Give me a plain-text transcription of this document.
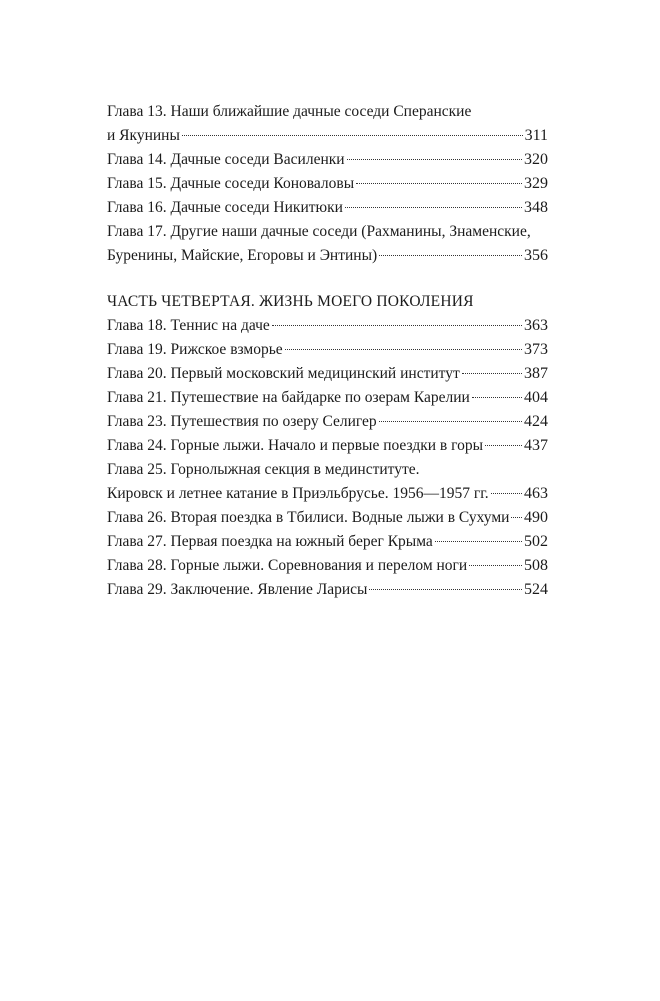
Глава 13. Наши ближайшие дачные соседи Сперанские
и Якунины	311
Глава 14. Дачные соседи Василенки	320
Глава 15. Дачные соседи Коноваловы	329
Глава 16. Дачные соседи Никитюки	348
Глава 17. Другие наши дачные соседи (Рахманины, Знаменские,
Буренины, Майские, Егоровы и Энтины)	356
ЧАСТЬ ЧЕТВЕРТАЯ. ЖИЗНЬ МОЕГО ПОКОЛЕНИЯ
Глава 18. Теннис на даче	363
Глава 19. Рижское взморье	373
Глава 20. Первый московский медицинский институт	387
Глава 21. Путешествие на байдарке по озерам Карелии	404
Глава 23. Путешествия по озеру Селигер	424
Глава 24. Горные лыжи. Начало и первые поездки в горы	437
Глава 25. Горнолыжная секция в мединституте.
Кировск и летнее катание в Приэльбрусье. 1956—1957 гг. 463
Глава 26. Вторая поездка в Тбилиси. Водные лыжи в Сухуми 490
Глава 27. Первая поездка на южный берег Крыма	502
Глава 28. Горные лыжи. Соревнования и перелом ноги	508
Глава 29. Заключение. Явление Ларисы	524
